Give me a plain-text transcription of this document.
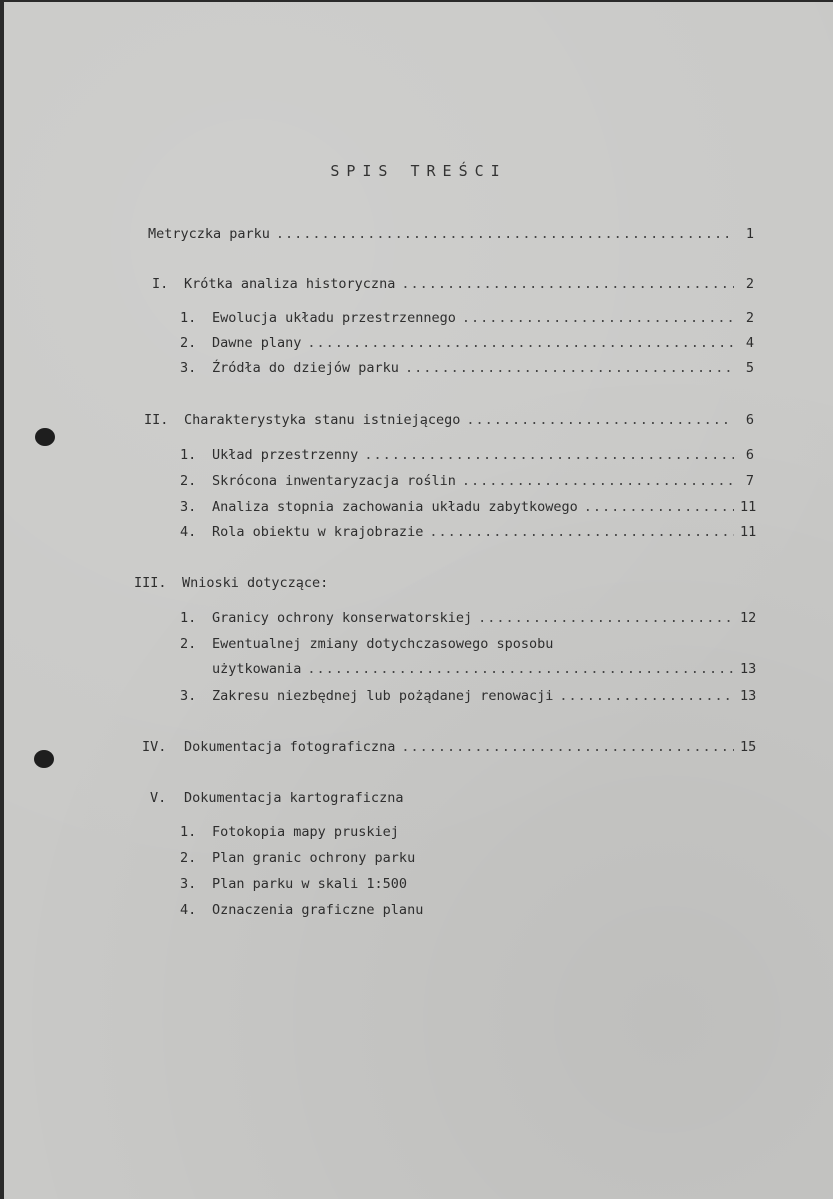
SPIS TREŚCI
Metryczka parku .....	1
I.	Krótka analiza historyczna .....	2
1.	Ewolucja układu przestrzennego .....	2
2.	Dawne plany .....	4
3.	Źródła do dziejów parku .....	5
II.	Charakterystyka stanu istniejącego .....	6
1.	Układ przestrzenny .....	6
2.	Skrócona inwentaryzacja roślin .....	7
3.	Analiza stopnia zachowania układu zabytkowego .....	11
4.	Rola obiektu w krajobrazie .....	11
III.	Wnioski dotyczące:
1.	Granicy ochrony konserwatorskiej .....	12
2.	Ewentualnej zmiany dotychczasowego sposobu
użytkowania .....	13
3.	Zakresu niezbędnej lub pożądanej renowacji .....	13
IV.	Dokumentacja fotograficzna .....	15
V.	Dokumentacja kartograficzna
1.	Fotokopia mapy pruskiej
2.	Plan granic ochrony parku
3.	Plan parku w skali 1:500
4.	Oznaczenia graficzne planu
